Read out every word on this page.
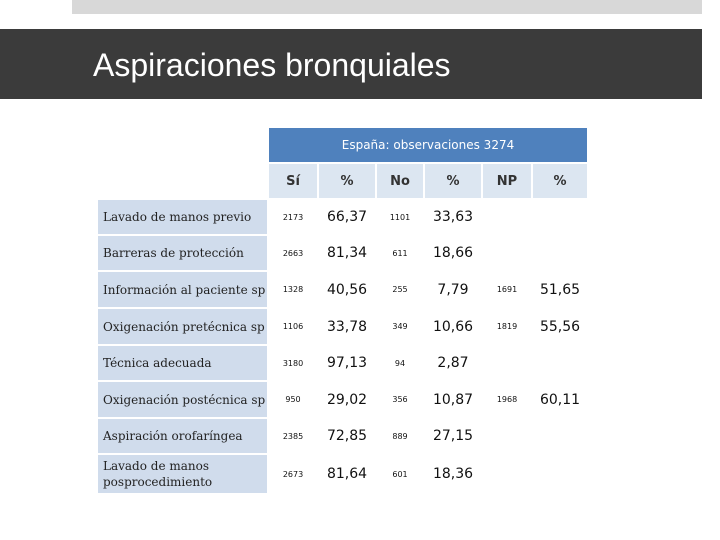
Aspiraciones bronquiales
	España: observaciones 3274					
	Sí	%	No	%	NP	%
Lavado de manos previo	2173	66,37	1101	33,63		
Barreras de protección	2663	81,34	611	18,66		
Información al paciente sp	1328	40,56	255	7,79	1691	51,65
Oxigenación pretécnica sp	1106	33,78	349	10,66	1819	55,56
Técnica adecuada	3180	97,13	94	2,87		
Oxigenación postécnica sp	950	29,02	356	10,87	1968	60,11
Aspiración orofaríngea	2385	72,85	889	27,15		
Lavado de manos posprocedimiento	2673	81,64	601	18,36		
